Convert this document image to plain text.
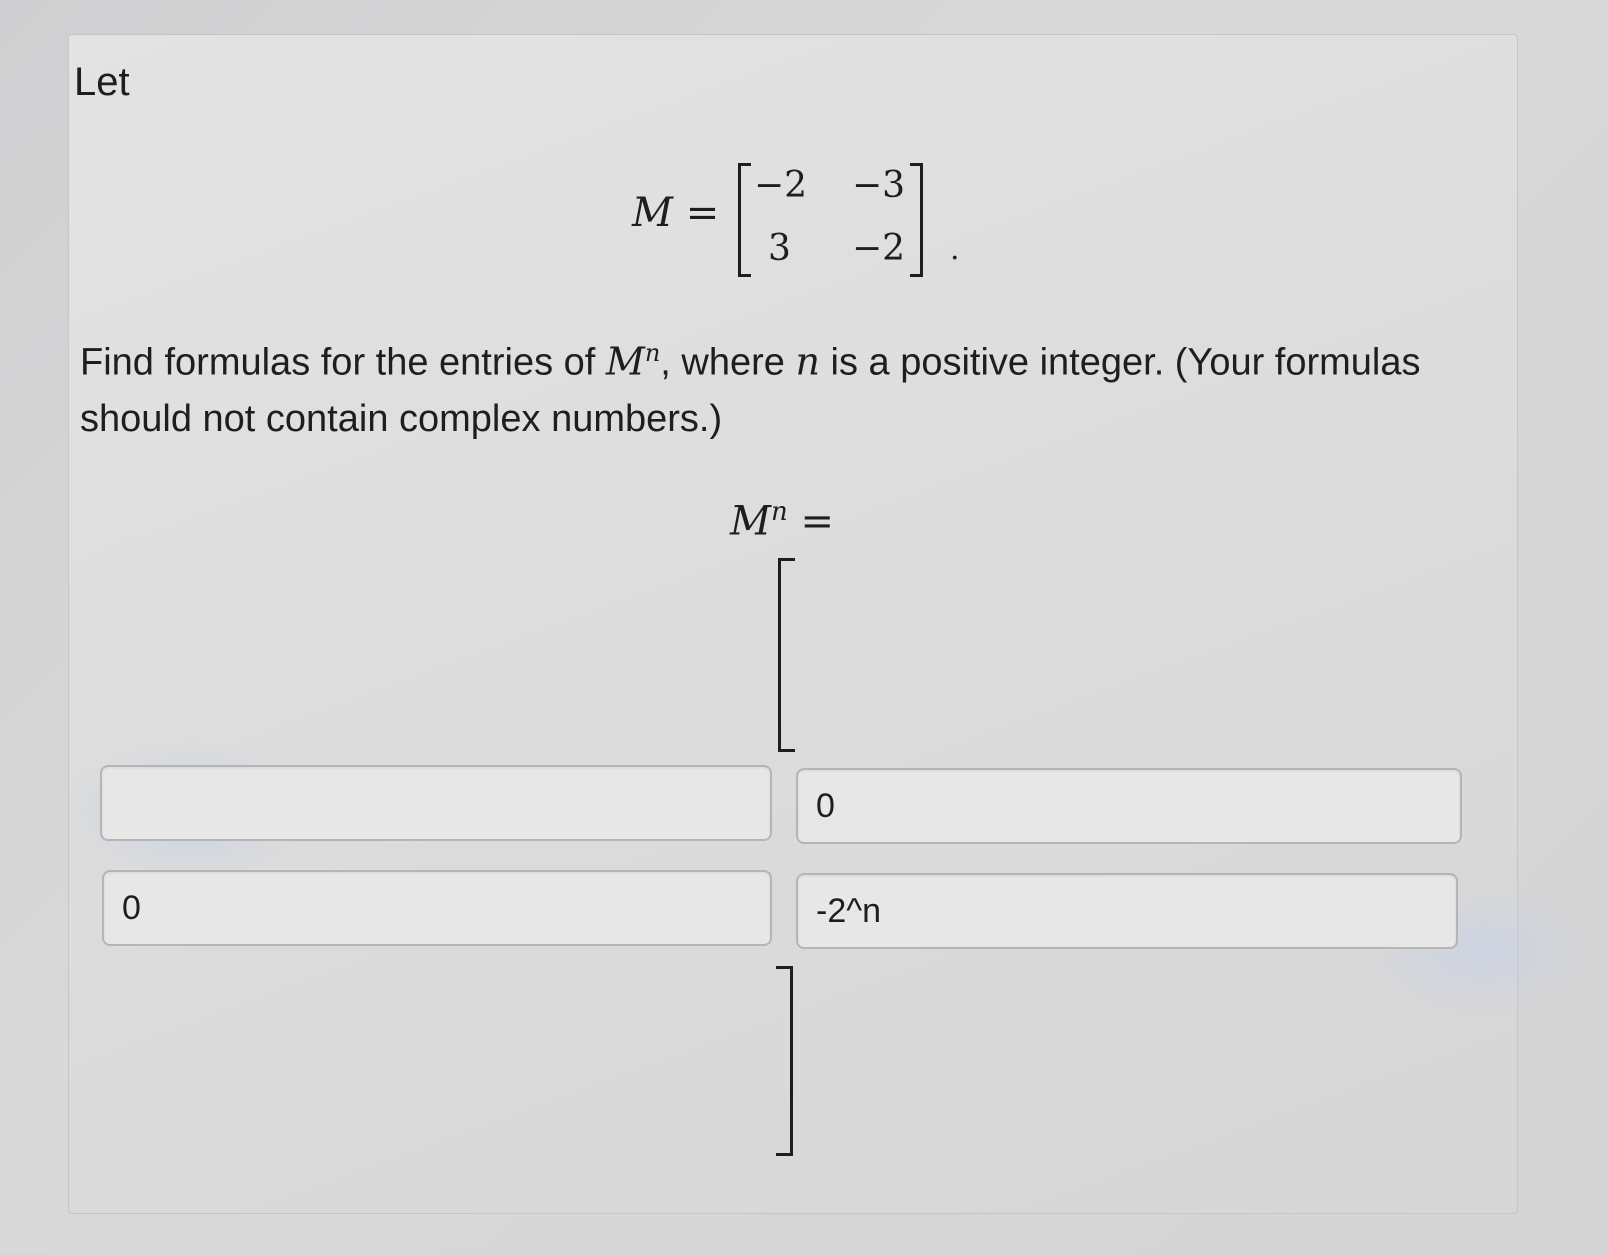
Let
M =
−2 −3
3 −2 .
Find formulas for the entries of $M^n$, where n is a positive integer. (Your formulas should not contain complex numbers.)
$M^n$ =
0
0	-2^n
